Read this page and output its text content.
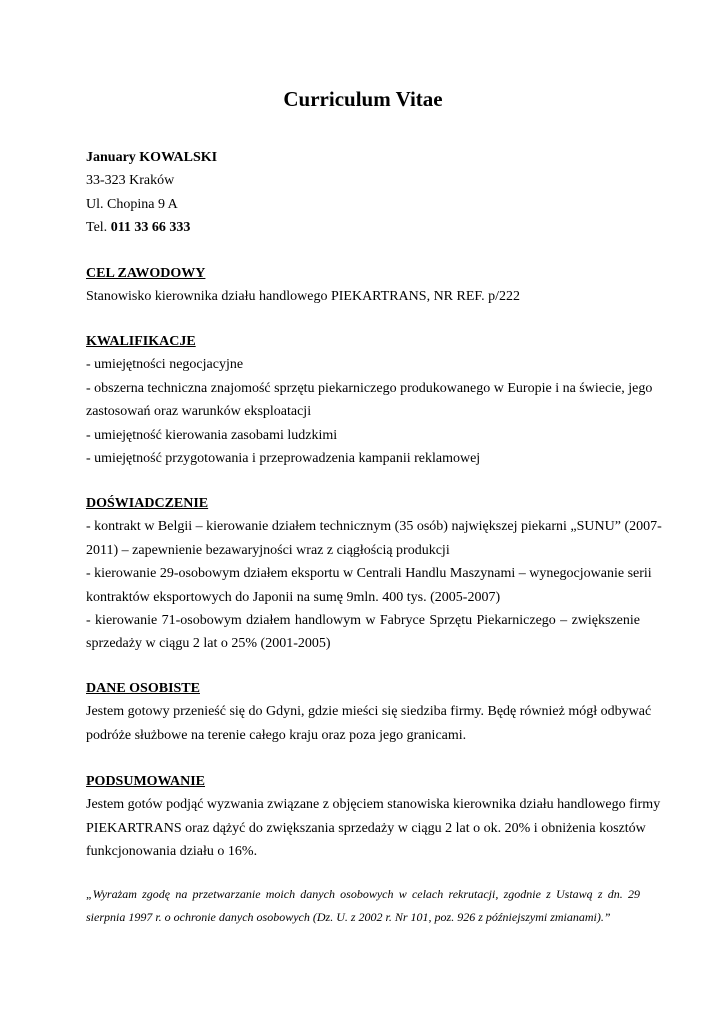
Curriculum Vitae
January KOWALSKI
33-323 Kraków
Ul. Chopina 9 A
Tel. 011 33 66 333
CEL ZAWODOWY
Stanowisko kierownika działu handlowego PIEKARTRANS, NR REF. p/222
KWALIFIKACJE
- umiejętności negocjacyjne
- obszerna techniczna znajomość sprzętu piekarniczego produkowanego w Europie i na świecie, jego
zastosowań oraz warunków eksploatacji
- umiejętność kierowania zasobami ludzkimi
- umiejętność przygotowania i przeprowadzenia kampanii reklamowej
DOŚWIADCZENIE
- kontrakt w Belgii – kierowanie działem technicznym (35 osób) największej piekarni „SUNU” (2007-
2011) – zapewnienie bezawaryjności wraz z ciągłością produkcji
- kierowanie 29-osobowym działem eksportu w Centrali Handlu Maszynami – wynegocjowanie serii
kontraktów eksportowych do Japonii na sumę 9mln. 400 tys. (2005-2007)
- kierowanie 71-osobowym działem handlowym w Fabryce Sprzętu Piekarniczego – zwiększenie
sprzedaży w ciągu 2 lat o 25% (2001-2005)
DANE OSOBISTE
Jestem gotowy przenieść się do Gdyni, gdzie mieści się siedziba firmy. Będę również mógł odbywać
podróże służbowe na terenie całego kraju oraz poza jego granicami.
PODSUMOWANIE
Jestem gotów podjąć wyzwania związane z objęciem stanowiska kierownika działu handlowego firmy
PIEKARTRANS oraz dążyć do zwiększania sprzedaży w ciągu 2 lat o ok. 20% i obniżenia kosztów
funkcjonowania działu o 16%.
„Wyrażam zgodę na przetwarzanie moich danych osobowych w celach rekrutacji, zgodnie z Ustawą z dn. 29
sierpnia 1997 r. o ochronie danych osobowych (Dz. U. z 2002 r. Nr 101, poz. 926 z późniejszymi zmianami).”
